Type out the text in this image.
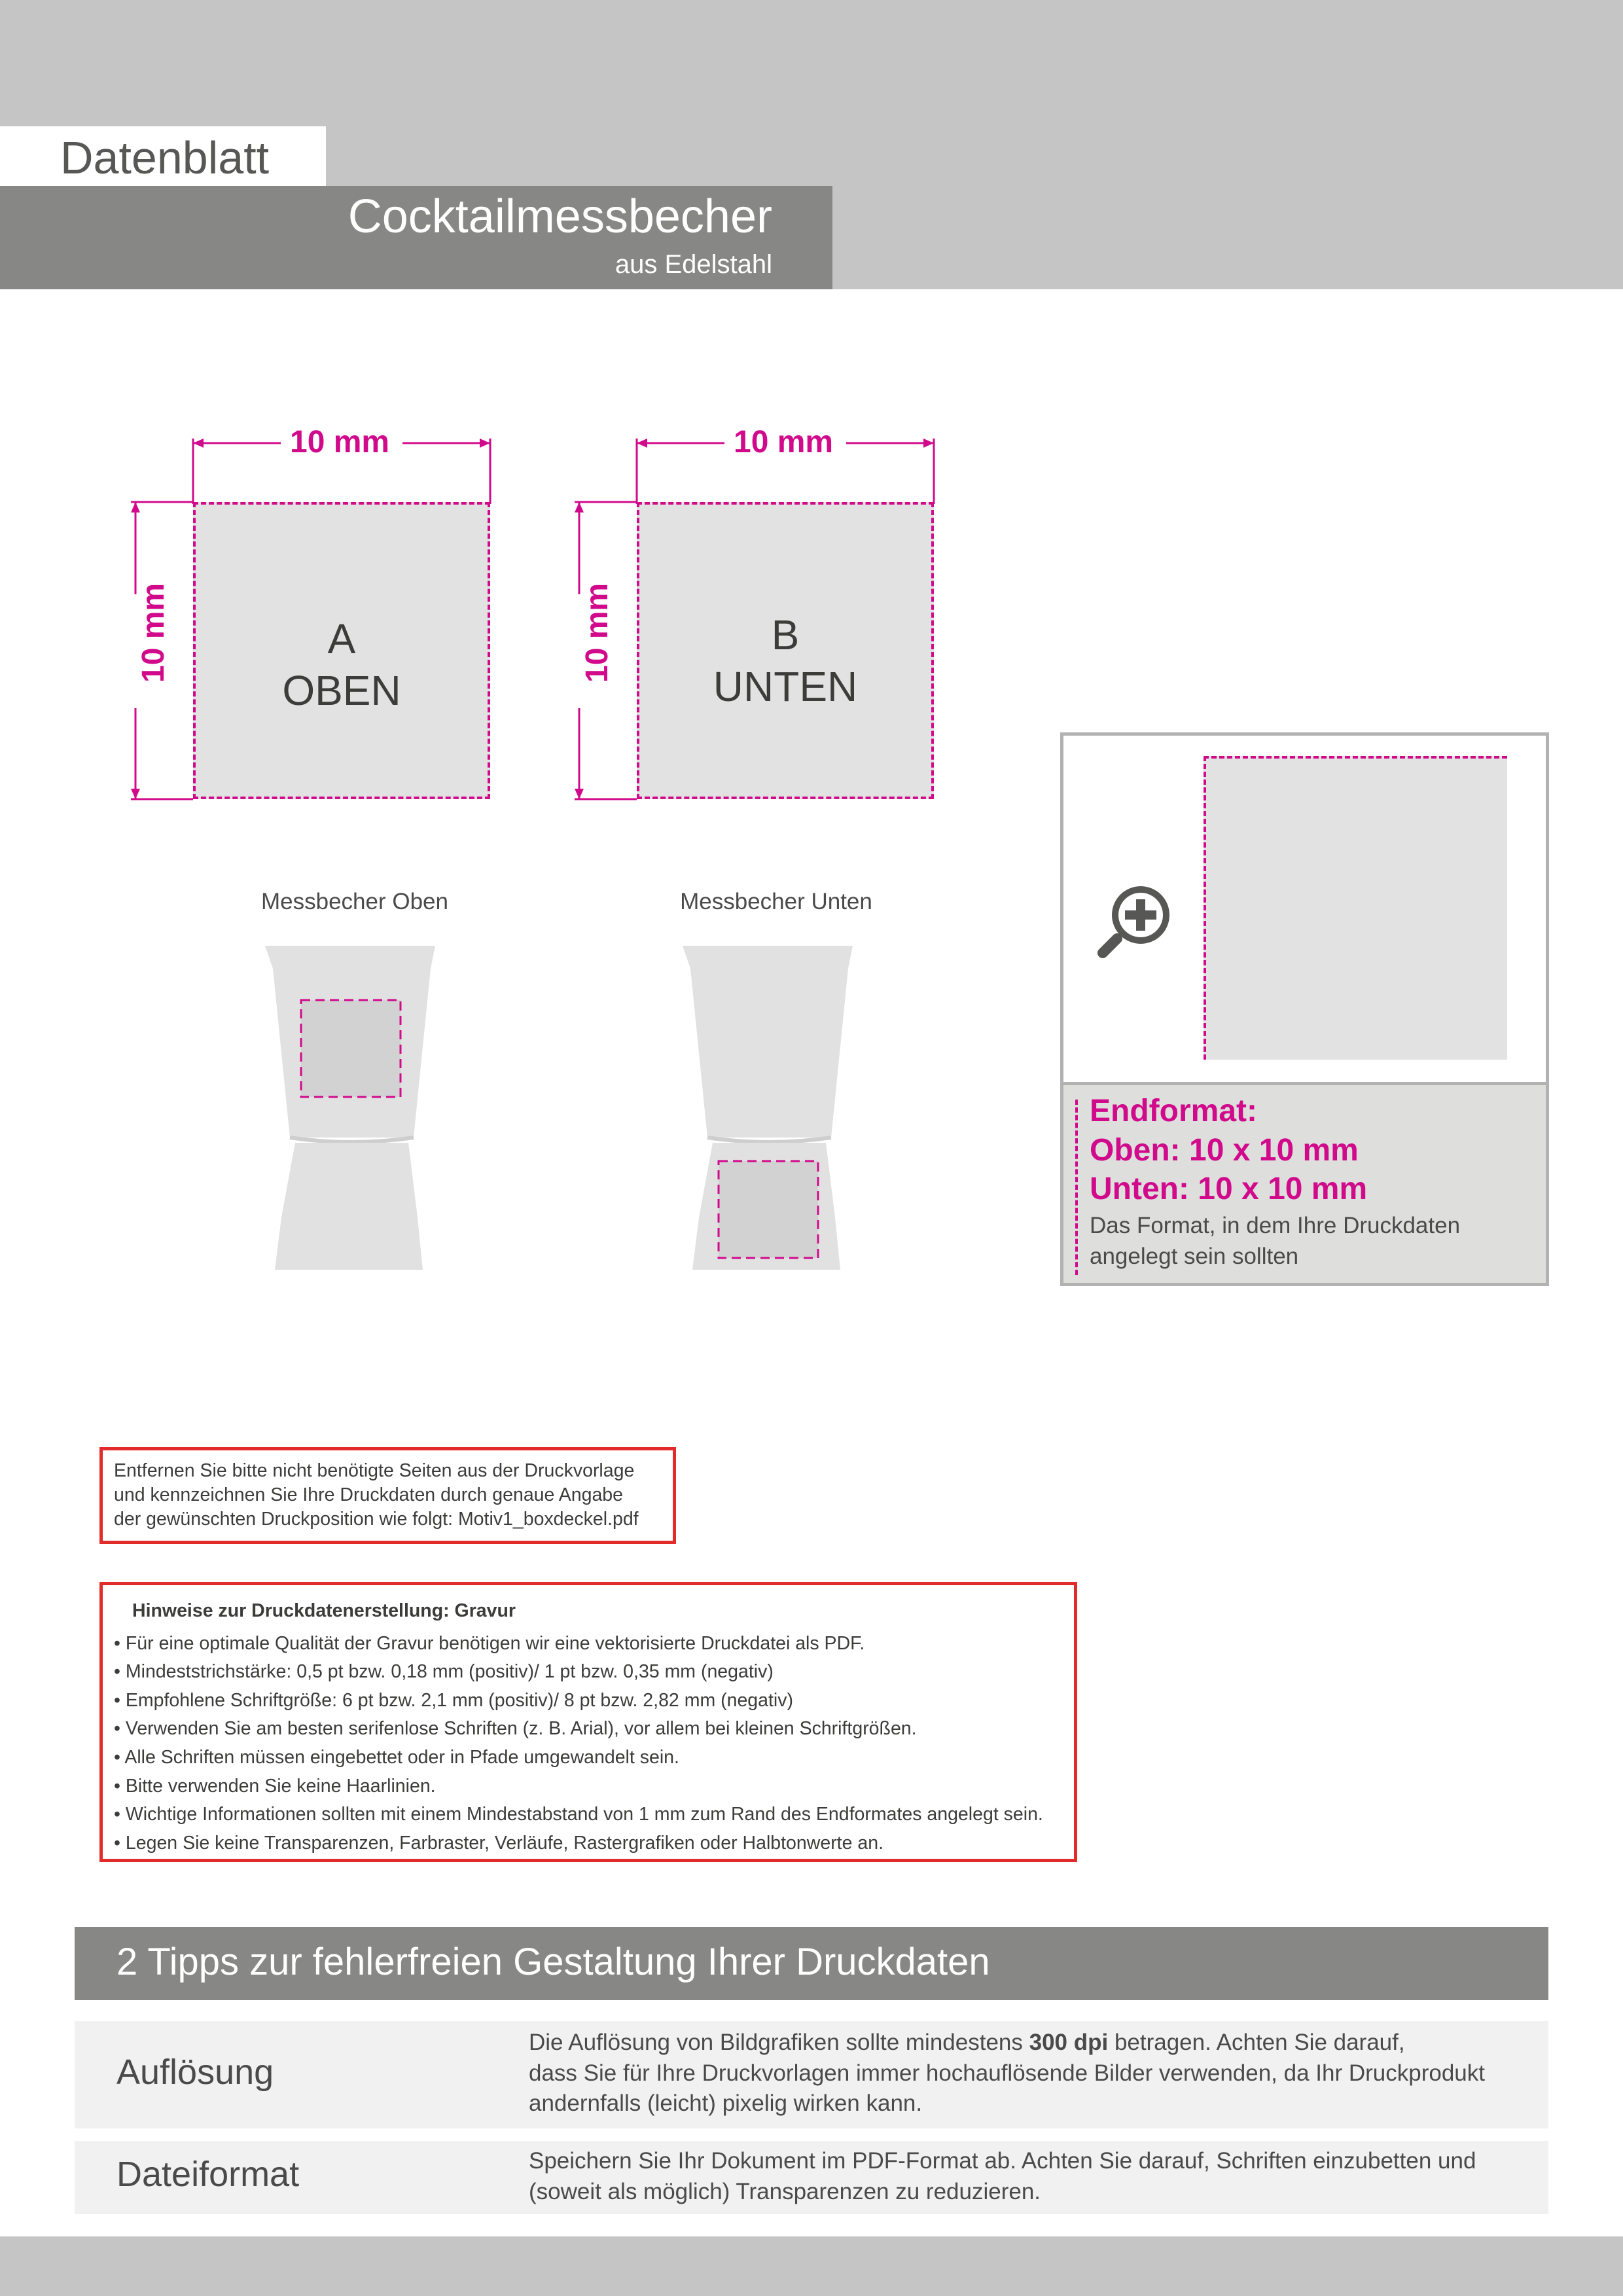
Datenblatt
Cocktailmessbecher
aus Edelstahl
10 mm
10 mm	A
OBEN
10 mm
10 mm	B
UNTEN
Messbecher Oben	Messbecher Unten
Endformat:
Oben: 10 x 10 mm
Unten: 10 x 10 mm
Das Format, in dem Ihre Druckdaten
angelegt sein sollten

Entfernen Sie bitte nicht benötigte Seiten aus der Druckvorlage

und kennzeichnen Sie Ihre Druckdaten durch genaue Angabe

der gewünschten Druckposition wie folgt: Motiv1_boxdeckel.pdf

Hinweise zur Druckdatenerstellung: Gravur
• Für eine optimale Qualität der Gravur benötigen wir eine vektorisierte Druckdatei als PDF.
• Mindeststrichstärke: 0,5 pt bzw. 0,18 mm (positiv)/ 1 pt bzw. 0,35 mm (negativ)
• Empfohlene Schriftgröße: 6 pt bzw. 2,1 mm (positiv)/ 8 pt bzw. 2,82 mm (negativ)
• Verwenden Sie am besten serifenlose Schriften (z. B. Arial), vor allem bei kleinen Schriftgrößen.
• Alle Schriften müssen eingebettet oder in Pfade umgewandelt sein.
• Bitte verwenden Sie keine Haarlinien.
• Wichtige Informationen sollten mit einem Mindestabstand von 1 mm zum Rand des Endformates angelegt sein.
• Legen Sie keine Transparenzen, Farbraster, Verläufe, Rastergrafiken oder Halbtonwerte an.
2 Tipps zur fehlerfreien Gestaltung Ihrer Druckdaten
Auflösung
Die Auflösung von Bildgrafiken sollte mindestens 300 dpi betragen. Achten Sie darauf,
dass Sie für Ihre Druckvorlagen immer hochauflösende Bilder verwenden, da Ihr Druckprodukt
andernfalls (leicht) pixelig wirken kann.
Dateiformat	Speichern Sie Ihr Dokument im PDF-Format ab. Achten Sie darauf, Schriften einzubetten und
(soweit als möglich) Transparenzen zu reduzieren.
